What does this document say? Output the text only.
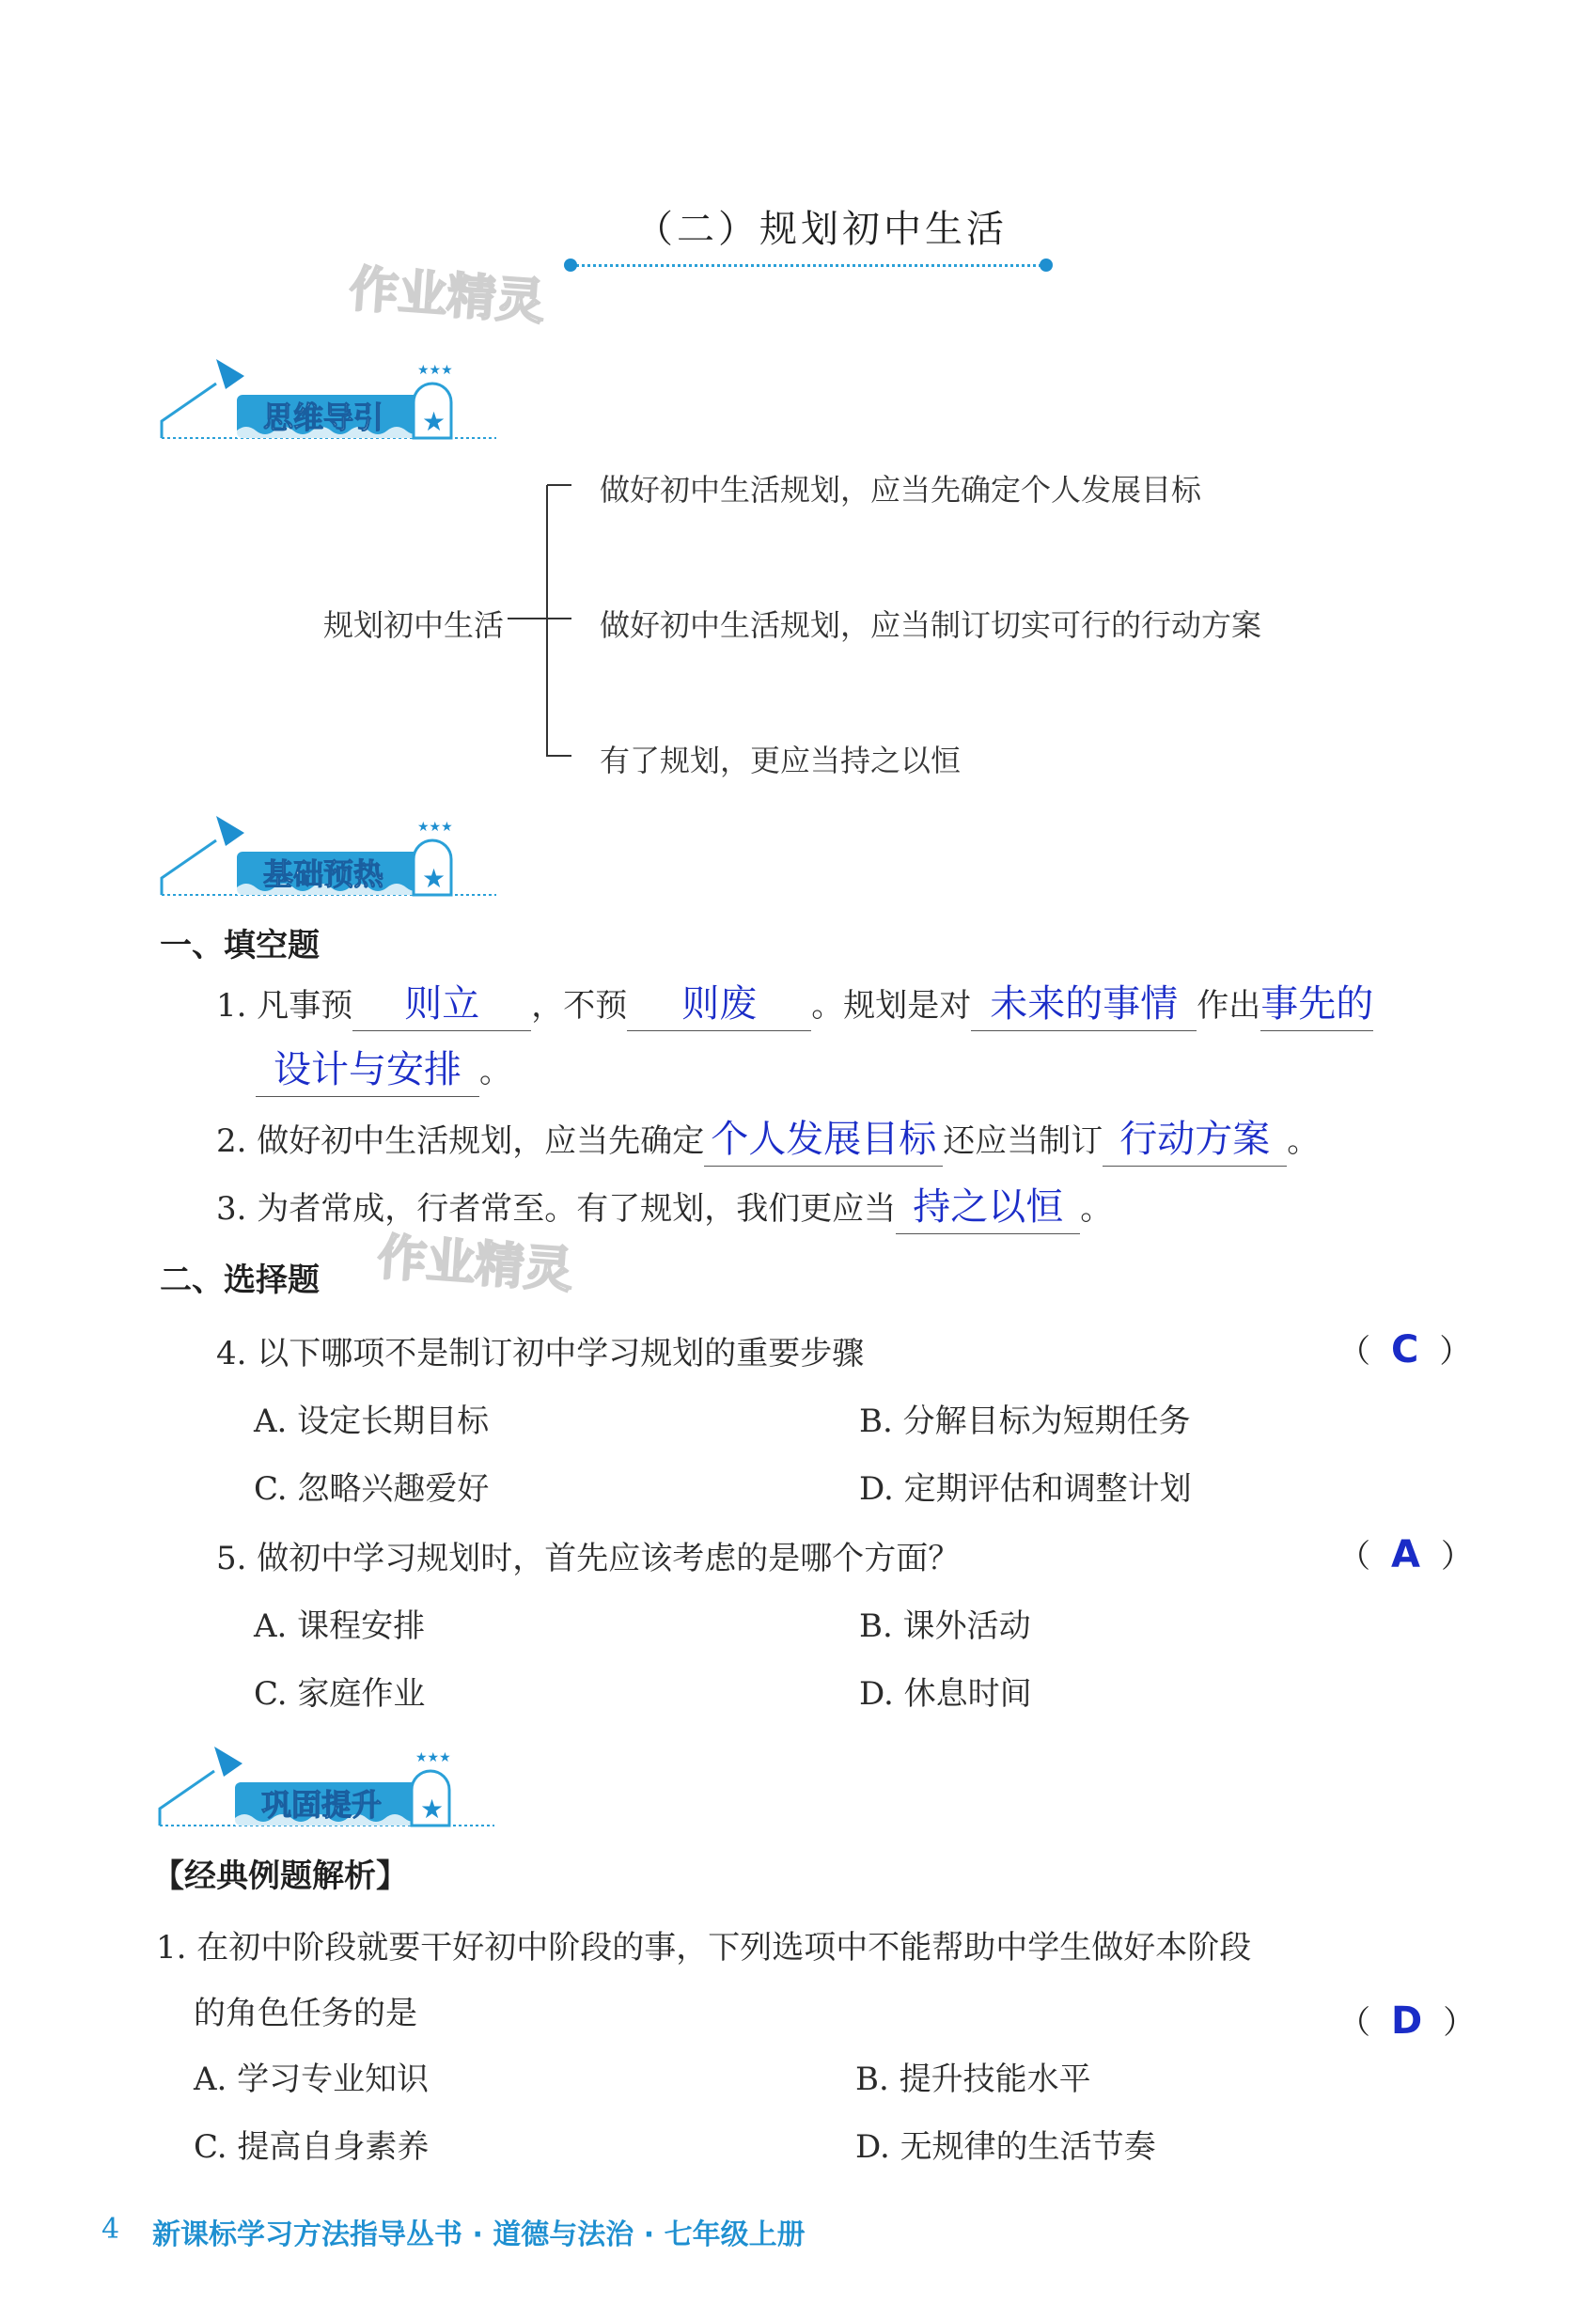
（二）规划初中生活
作业精灵
作业精灵
思维导引 ★
★★★
规划初中生活
做好初中生活规划，应当先确定个人发展目标
做好初中生活规划，应当制订切实可行的行动方案
有了规划，更应当持之以恒
基础预热 ★
★★★
一、填空题
1. 凡事预 则立 ，不预 则废 。规划是对 未来的事情 作出事先的
设计与安排 。
2. 做好初中生活规划，应当先确定 个人发展目标 还应当制订 行动方案 。
3. 为者常成，行者常至。有了规划，我们更应当 持之以恒 。
二、选择题
4. 以下哪项不是制订初中学习规划的重要步骤	（ C ）
A. 设定长期目标	B. 分解目标为短期任务
C. 忽略兴趣爱好	D. 定期评估和调整计划
5. 做初中学习规划时，首先应该考虑的是哪个方面？	（ A ）
A. 课程安排	B. 课外活动
C. 家庭作业	D. 休息时间
巩固提升 ★
★★★
【经典例题解析】
1. 在初中阶段就要干好初中阶段的事，下列选项中不能帮助中学生做好本阶段
的角色任务的是	（ D ）
A. 学习专业知识	B. 提升技能水平
C. 提高自身素养	D. 无规律的生活节奏
4 新课标学习方法指导丛书 · 道德与法治 · 七年级上册
